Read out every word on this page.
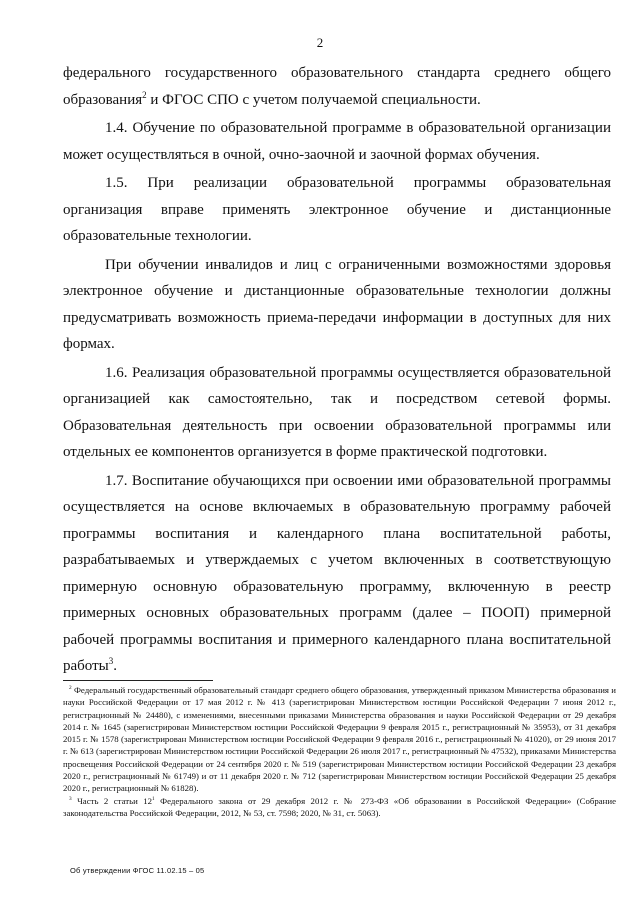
2

федерального государственного образовательного стандарта среднего общего образования$^2$ и ФГОС СПО с учетом получаемой специальности.

1.4. Обучение по образовательной программе в образовательной организации может осуществляться в очной, очно-заочной и заочной формах обучения.

1.5. При реализации образовательной программы образовательная организация вправе применять электронное обучение и дистанционные образовательные технологии.

При обучении инвалидов и лиц с ограниченными возможностями здоровья электронное обучение и дистанционные образовательные технологии должны предусматривать возможность приема-передачи информации в доступных для них формах.

1.6. Реализация образовательной программы осуществляется образовательной организацией как самостоятельно, так и посредством сетевой формы. Образовательная деятельность при освоении образовательной программы или отдельных ее компонентов организуется в форме практической подготовки.

1.7. Воспитание обучающихся при освоении ими образовательной программы осуществляется на основе включаемых в образовательную программу рабочей программы воспитания и календарного плана воспитательной работы, разрабатываемых и утверждаемых с учетом включенных в соответствующую примерную основную образовательную программу, включенную в реестр примерных основных образовательных программ (далее – ПООП) примерной рабочей программы воспитания и примерного календарного плана воспитательной работы$^3$.

$^2$ Федеральный государственный образовательный стандарт среднего общего образования, утвержденный приказом Министерства образования и науки Российской Федерации от 17 мая 2012 г. № 413 (зарегистрирован Министерством юстиции Российской Федерации 7 июня 2012 г., регистрационный № 24480), с изменениями, внесенными приказами Министерства образования и науки Российской Федерации от 29 декабря 2014 г. № 1645 (зарегистрирован Министерством юстиции Российской Федерации 9 февраля 2015 г., регистрационный № 35953), от 31 декабря 2015 г. № 1578 (зарегистрирован Министерством юстиции Российской Федерации 9 февраля 2016 г., регистрационный № 41020), от 29 июня 2017 г. № 613 (зарегистрирован Министерством юстиции Российской Федерации 26 июля 2017 г., регистрационный № 47532), приказами Министерства просвещения Российской Федерации от 24 сентября 2020 г. № 519 (зарегистрирован Министерством юстиции Российской Федерации 23 декабря 2020 г., регистрационный № 61749) и от 11 декабря 2020 г. № 712 (зарегистрирован Министерством юстиции Российской Федерации 25 декабря 2020 г., регистрационный № 61828).

$^3$ Часть 2 статьи $12^1$ Федерального закона от 29 декабря 2012 г. № 273-ФЗ «Об образовании в Российской Федерации» (Собрание законодательства Российской Федерации, 2012, № 53, ст. 7598; 2020, № 31, ст. 5063).

Об утверждении ФГОС 11.02.15 – 05
